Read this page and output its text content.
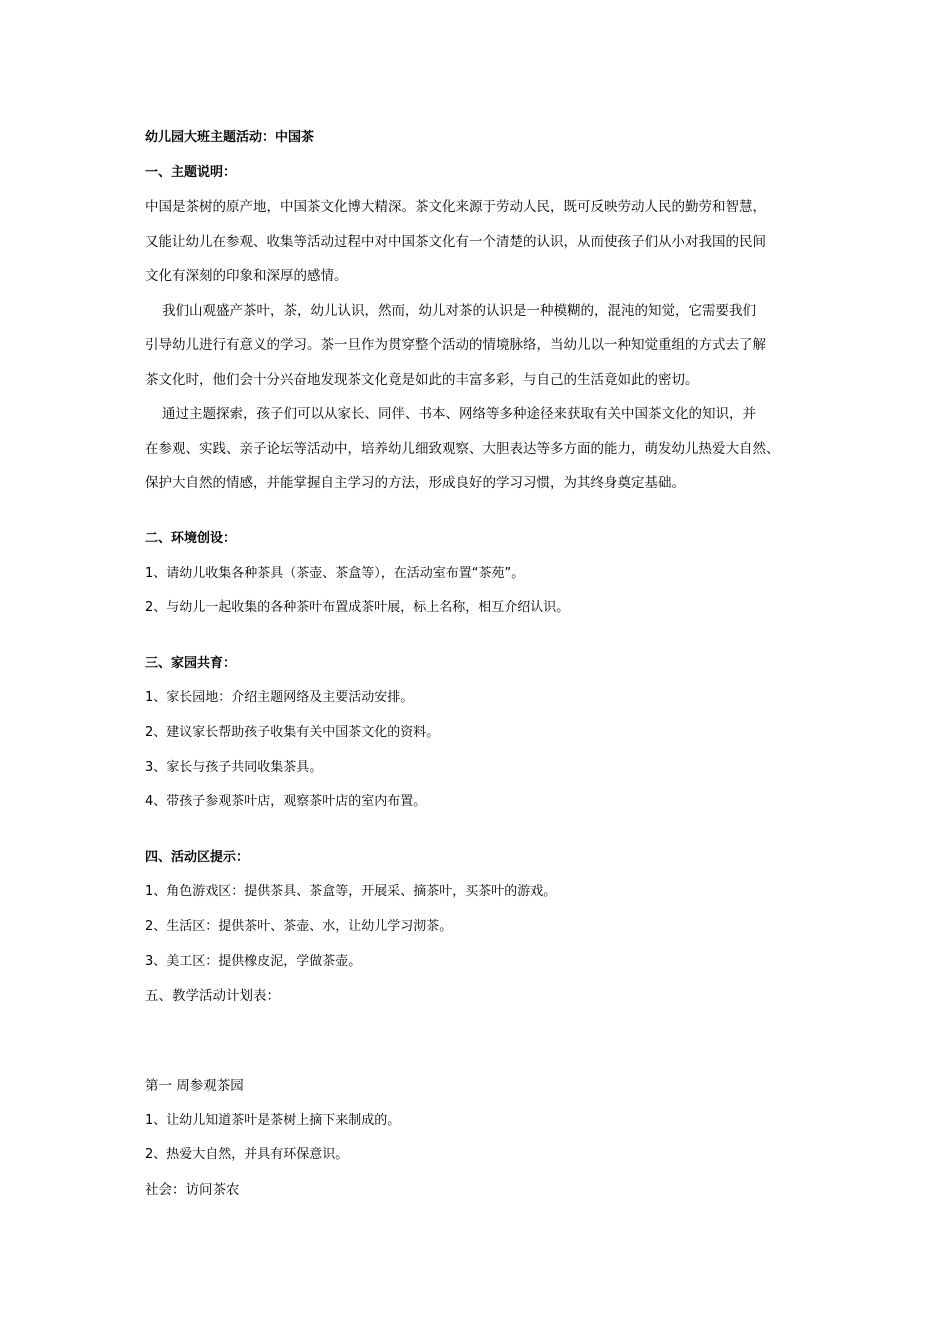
幼儿园大班主题活动：中国茶
一、主题说明：
中国是茶树的原产地，中国茶文化博大精深。茶文化来源于劳动人民，既可反映劳动人民的勤劳和智慧，
又能让幼儿在参观、收集等活动过程中对中国茶文化有一个清楚的认识，从而使孩子们从小对我国的民间
文化有深刻的印象和深厚的感情。
我们山观盛产茶叶，茶，幼儿认识，然而，幼儿对茶的认识是一种模糊的，混沌的知觉，它需要我们
引导幼儿进行有意义的学习。茶一旦作为贯穿整个活动的情境脉络，当幼儿以一种知觉重组的方式去了解
茶文化时，他们会十分兴奋地发现茶文化竟是如此的丰富多彩，与自己的生活竟如此的密切。
通过主题探索，孩子们可以从家长、同伴、书本、网络等多种途径来获取有关中国茶文化的知识，并
在参观、实践、亲子论坛等活动中，培养幼儿细致观察、大胆表达等多方面的能力，萌发幼儿热爱大自然、
保护大自然的情感，并能掌握自主学习的方法，形成良好的学习习惯，为其终身奠定基础。
二、环境创设：
1、请幼儿收集各种茶具（茶壶、茶盒等），在活动室布置“茶苑”。
2、与幼儿一起收集的各种茶叶布置成茶叶展，标上名称，相互介绍认识。
三、家园共育：
1、家长园地：介绍主题网络及主要活动安排。
2、建议家长帮助孩子收集有关中国茶文化的资料。
3、家长与孩子共同收集茶具。
4、带孩子参观茶叶店，观察茶叶店的室内布置。
四、活动区提示：
1、角色游戏区：提供茶具、茶盒等，开展采、摘茶叶，买茶叶的游戏。
2、生活区：提供茶叶、茶壶、水，让幼儿学习沏茶。
3、美工区：提供橡皮泥，学做茶壶。
五、教学活动计划表：
第一 周参观茶园
1、让幼儿知道茶叶是茶树上摘下来制成的。
2、热爱大自然，并具有环保意识。
社会：访问茶农
